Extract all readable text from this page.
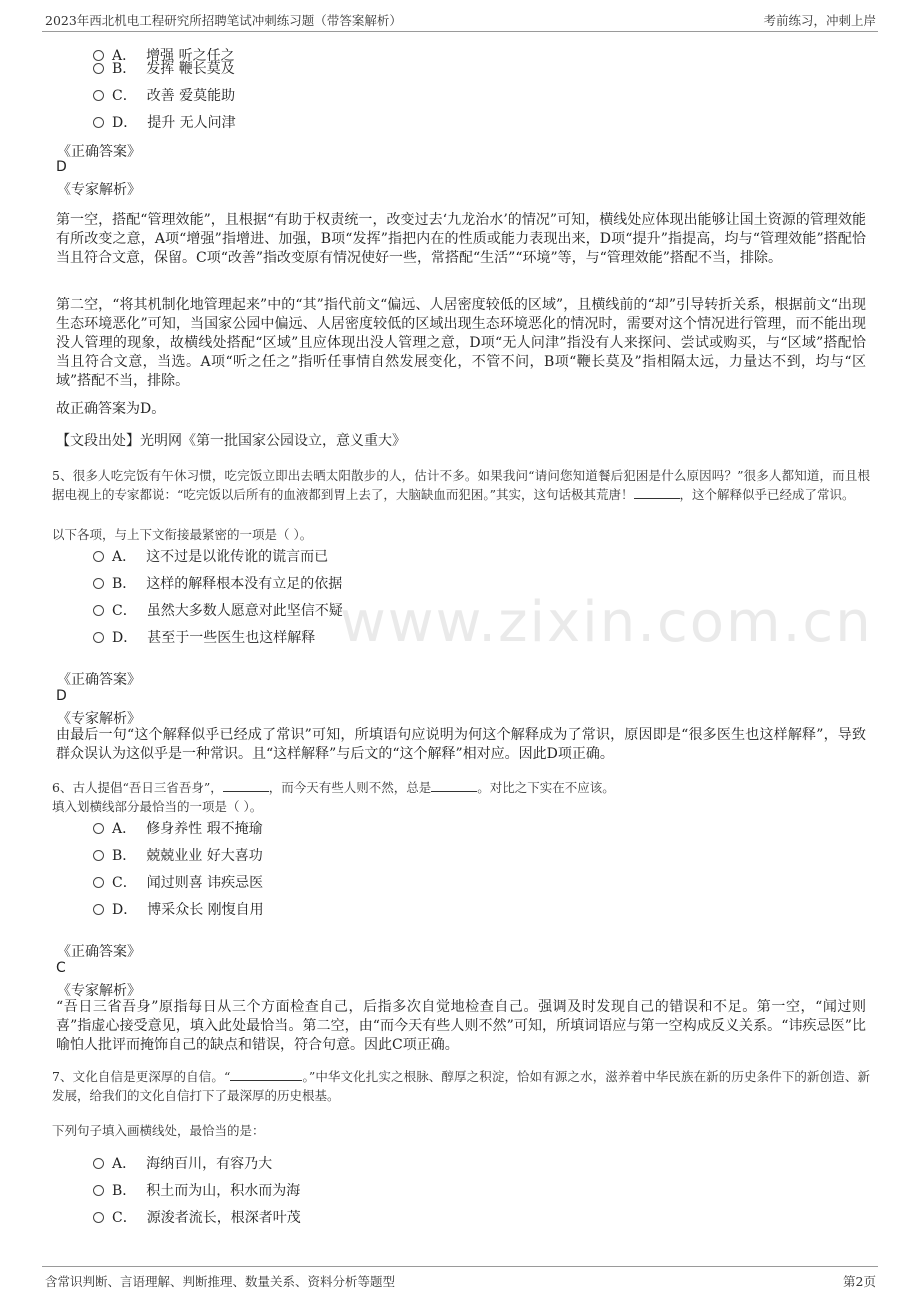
2023年西北机电工程研究所招聘笔试冲刺练习题（带答案解析）	考前练习，冲刺上岸
www.zixin.com.cn
A． 增强 听之任之
B． 发挥 鞭长莫及
C． 改善 爱莫能助
D． 提升 无人问津
《正确答案》
D
《专家解析》
第一空，搭配“管理效能”，且根据“有助于权责统一，改变过去‘九龙治水’的情况”可知，横线处应体现出能够让国土资源的管理效能有所改变之意，A项“增强”指增进、加强，B项“发挥”指把内在的性质或能力表现出来，D项“提升”指提高，均与“管理效能”搭配恰当且符合文意，保留。C项“改善”指改变原有情况使好一些，常搭配“生活”“环境”等，与“管理效能”搭配不当，排除。
第二空，“将其机制化地管理起来”中的“其”指代前文“偏远、人居密度较低的区域”，且横线前的“却”引导转折关系，根据前文“出现生态环境恶化”可知，当国家公园中偏远、人居密度较低的区域出现生态环境恶化的情况时，需要对这个情况进行管理，而不能出现没人管理的现象，故横线处搭配“区域”且应体现出没人管理之意，D项“无人问津”指没有人来探问、尝试或购买，与“区域”搭配恰当且符合文意，当选。A项“听之任之”指听任事情自然发展变化，不管不问，B项“鞭长莫及”指相隔太远，力量达不到，均与“区域”搭配不当，排除。
故正确答案为D。
【文段出处】光明网《第一批国家公园设立，意义重大》
5、很多人吃完饭有午休习惯，吃完饭立即出去晒太阳散步的人，估计不多。如果我问“请问您知道餐后犯困是什么原因吗？”很多人都知道，而且根据电视上的专家都说：“吃完饭以后所有的血液都到胃上去了，大脑缺血而犯困。”其实，这句话极其荒唐！	，这个解释似乎已经成了常识。
以下各项，与上下文衔接最紧密的一项是（ ）。
A． 这不过是以讹传讹的谎言而已
B． 这样的解释根本没有立足的依据
C． 虽然大多数人愿意对此坚信不疑
D． 甚至于一些医生也这样解释
《正确答案》
D
《专家解析》
由最后一句“这个解释似乎已经成了常识”可知，所填语句应说明为何这个解释成为了常识，原因即是“很多医生也这样解释”，导致群众误认为这似乎是一种常识。且“这样解释”与后文的“这个解释”相对应。因此D项正确。
6、古人提倡“吾日三省吾身”，	，而今天有些人则不然，总是	。对比之下实在不应该。
填入划横线部分最恰当的一项是（ ）。
A． 修身养性 瑕不掩瑜
B． 兢兢业业 好大喜功
C． 闻过则喜 讳疾忌医
D． 博采众长 刚愎自用
《正确答案》
C
《专家解析》
“吾日三省吾身”原指每日从三个方面检查自己，后指多次自觉地检查自己。强调及时发现自己的错误和不足。第一空，“闻过则喜”指虚心接受意见，填入此处最恰当。第二空，由“而今天有些人则不然”可知，所填词语应与第一空构成反义关系。“讳疾忌医”比喻怕人批评而掩饰自己的缺点和错误，符合句意。因此C项正确。
7、文化自信是更深厚的自信。“	。”中华文化扎实之根脉、醇厚之积淀，恰如有源之水，滋养着中华民族在新的历史条件下的新创造、新发展，给我们的文化自信打下了最深厚的历史根基。
下列句子填入画横线处，最恰当的是：
A． 海纳百川，有容乃大
B． 积土而为山，积水而为海
C． 源浚者流长，根深者叶茂
含常识判断、言语理解、判断推理、数量关系、资料分析等题型	第2页
